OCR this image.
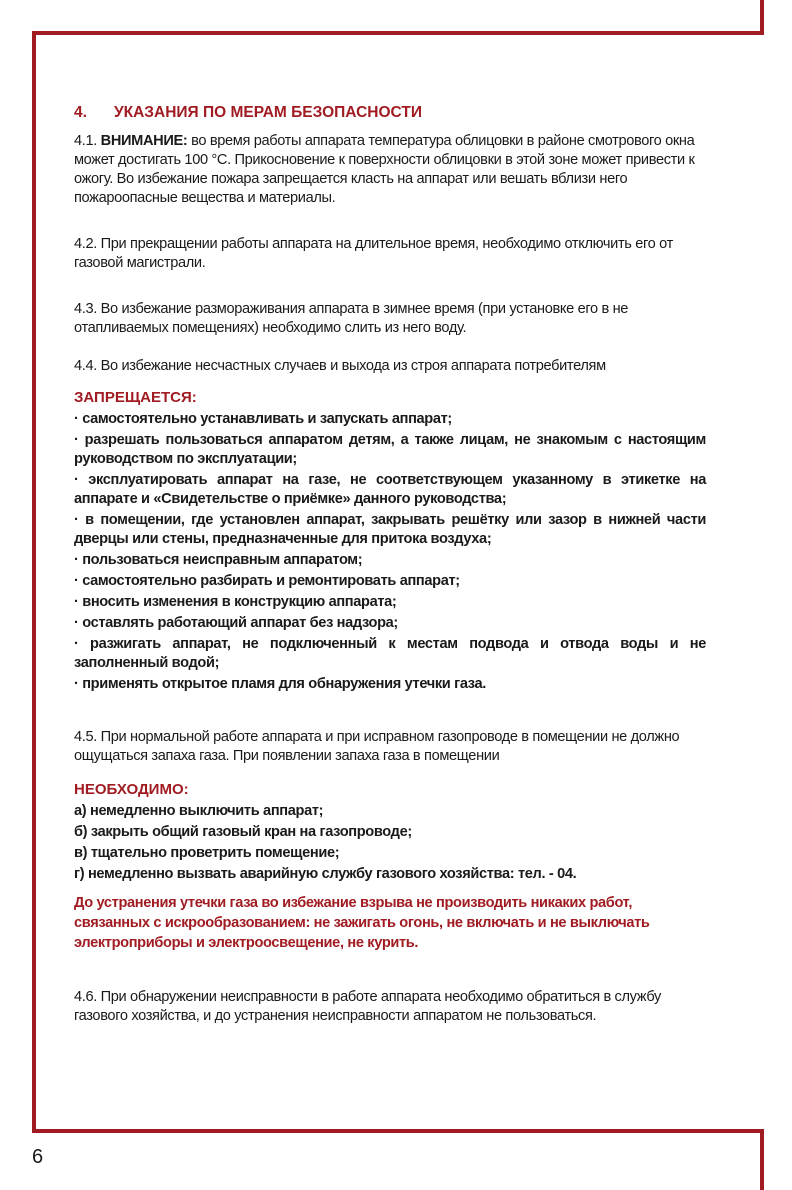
4. УКАЗАНИЯ ПО МЕРАМ БЕЗОПАСНОСТИ

4.1. ВНИМАНИЕ: во время работы аппарата температура облицовки в районе смотрового окна может достигать 100 °С. Прикосновение к поверхности облицовки в этой зоне может привести к ожогу. Во избежание пожара запрещается класть на аппарат или вешать вблизи него пожароопасные вещества и материалы.

4.2. При прекращении работы аппарата на длительное время, необходимо отключить его от газовой магистрали.

4.3. Во избежание размораживания аппарата в зимнее время (при установке его в не отапливаемых помещениях) необходимо слить из него воду.

4.4. Во избежание несчастных случаев и выхода из строя аппарата потребителям

ЗАПРЕЩАЕТСЯ:
· самостоятельно устанавливать и запускать аппарат;
· разрешать пользоваться аппаратом детям, а также лицам, не знакомым с настоящим руководством по эксплуатации;
· эксплуатировать аппарат на газе, не соответствующем указанному в этикетке на аппарате и «Свидетельстве о приёмке» данного руководства;
· в помещении, где установлен аппарат, закрывать решётку или зазор в нижней части дверцы или стены, предназначенные для притока воздуха;
· пользоваться неисправным аппаратом;
· самостоятельно разбирать и ремонтировать аппарат;
· вносить изменения в конструкцию аппарата;
· оставлять работающий аппарат без надзора;
· разжигать аппарат, не подключенный к местам подвода и отвода воды и не заполненный водой;
· применять открытое пламя для обнаружения утечки газа.

4.5. При нормальной работе аппарата и при исправном газопроводе в помещении не должно ощущаться запаха газа. При появлении запаха газа в помещении

НЕОБХОДИМО:
а) немедленно выключить аппарат;
б) закрыть общий газовый кран на газопроводе;
в) тщательно проветрить помещение;
г) немедленно вызвать аварийную службу газового хозяйства: тел. - 04.

До устранения утечки газа во избежание взрыва не производить никаких работ, связанных с искрообразованием: не зажигать огонь, не включать и не выключать электроприборы и электроосвещение, не курить.

4.6. При обнаружении неисправности в работе аппарата необходимо обратиться в службу газового хозяйства, и до устранения неисправности аппаратом не пользоваться.

6
